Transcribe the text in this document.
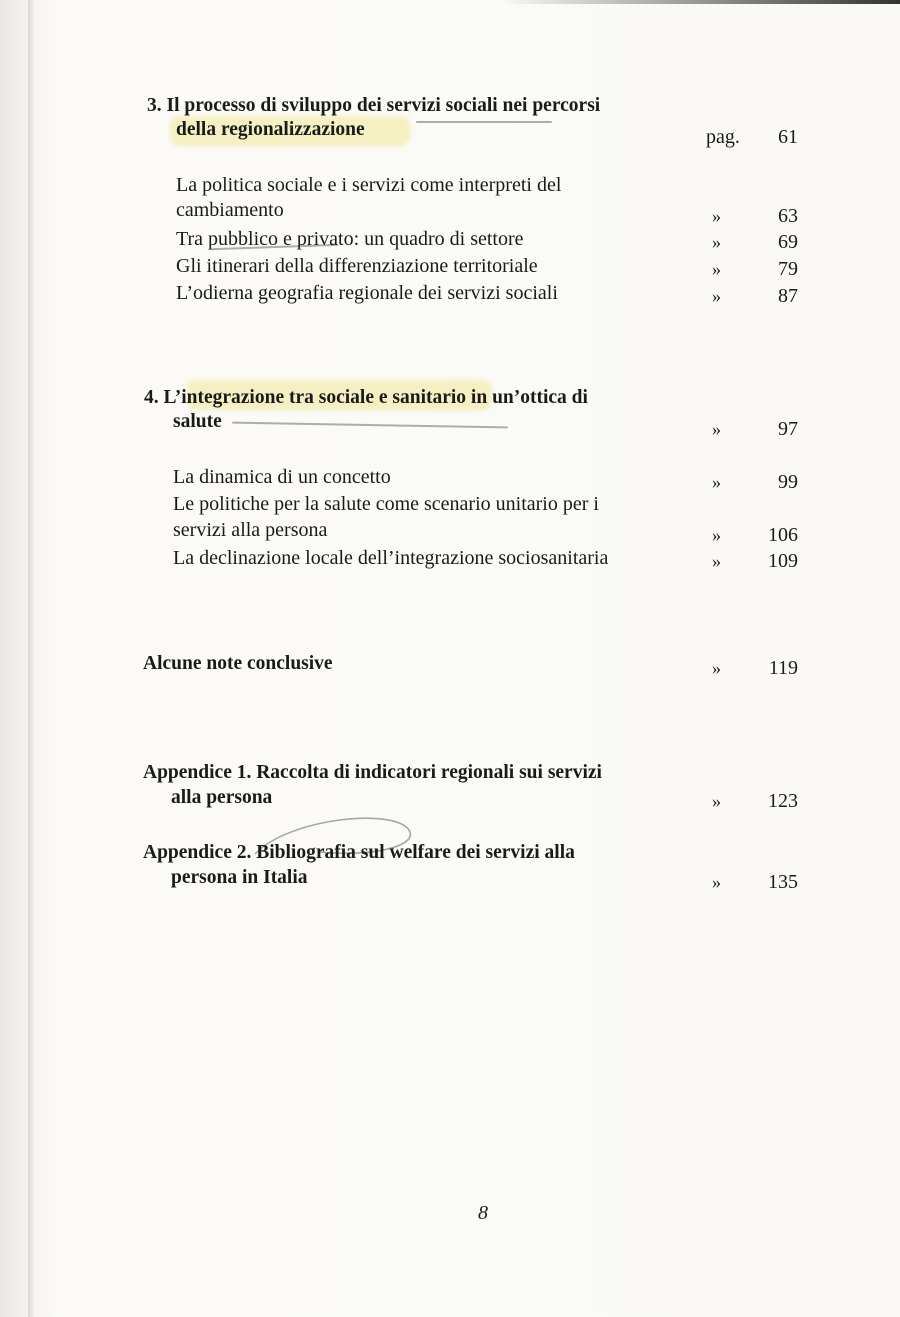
3. Il processo di sviluppo dei servizi sociali nei percorsi
della regionalizzazione	pag. 61
La politica sociale e i servizi come interpreti del
cambiamento	»	63
Tra pubblico e privato: un quadro di settore	»	69
Gli itinerari della differenziazione territoriale	»	79
L’odierna geografia regionale dei servizi sociali	»	87
4. L’integrazione tra sociale e sanitario in un’ottica di
salute	»	97
La dinamica di un concetto	»	99
Le politiche per la salute come scenario unitario per i
servizi alla persona	» 106
La declinazione locale dell’integrazione sociosanitaria	» 109
Alcune note conclusive	» 119
Appendice 1. Raccolta di indicatori regionali sui servizi
alla persona	» 123
Appendice 2. Bibliografia sul welfare dei servizi alla
persona in Italia	» 135
8
